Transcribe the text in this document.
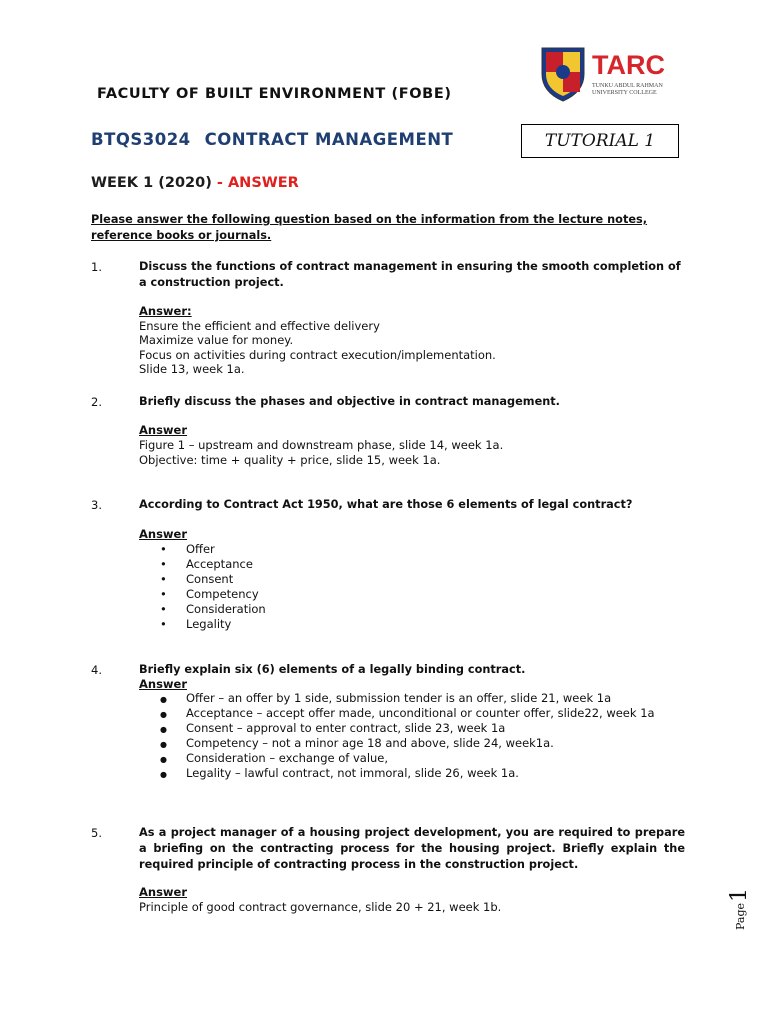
TARC
TUNKU ABDUL RAHMAN
UNIVERSITY COLLEGE
FACULTY OF BUILT ENVIRONMENT (FOBE)
BTQS3024 CONTRACT MANAGEMENT	TUTORIAL 1
WEEK 1 (2020) - ANSWER
Please answer the following question based on the information from the lecture notes, reference books or journals.
1.	Discuss the functions of contract management in ensuring the smooth completion of a construction project.
Answer:
Ensure the efficient and effective delivery
Maximize value for money.
Focus on activities during contract execution/implementation.
Slide 13, week 1a.
2.	Briefly discuss the phases and objective in contract management.
Answer
Figure 1 – upstream and downstream phase, slide 14, week 1a.
Objective: time + quality + price, slide 15, week 1a.
3.	According to Contract Act 1950, what are those 6 elements of legal contract?
Answer
• Offer
• Acceptance
• Consent
• Competency
• Consideration
• Legality
4.	Briefly explain six (6) elements of a legally binding contract.
Answer
● Offer – an offer by 1 side, submission tender is an offer, slide 21, week 1a
● Acceptance – accept offer made, unconditional or counter offer, slide22, week 1a
● Consent – approval to enter contract, slide 23, week 1a
● Competency – not a minor age 18 and above, slide 24, week1a.
● Consideration – exchange of value,
● Legality – lawful contract, not immoral, slide 26, week 1a.
5.	As a project manager of a housing project development, you are required to prepare a briefing on the contracting process for the housing project. Briefly explain the required principle of contracting process in the construction project.
Answer
Principle of good contract governance, slide 20 + 21, week 1b.	Page
1
